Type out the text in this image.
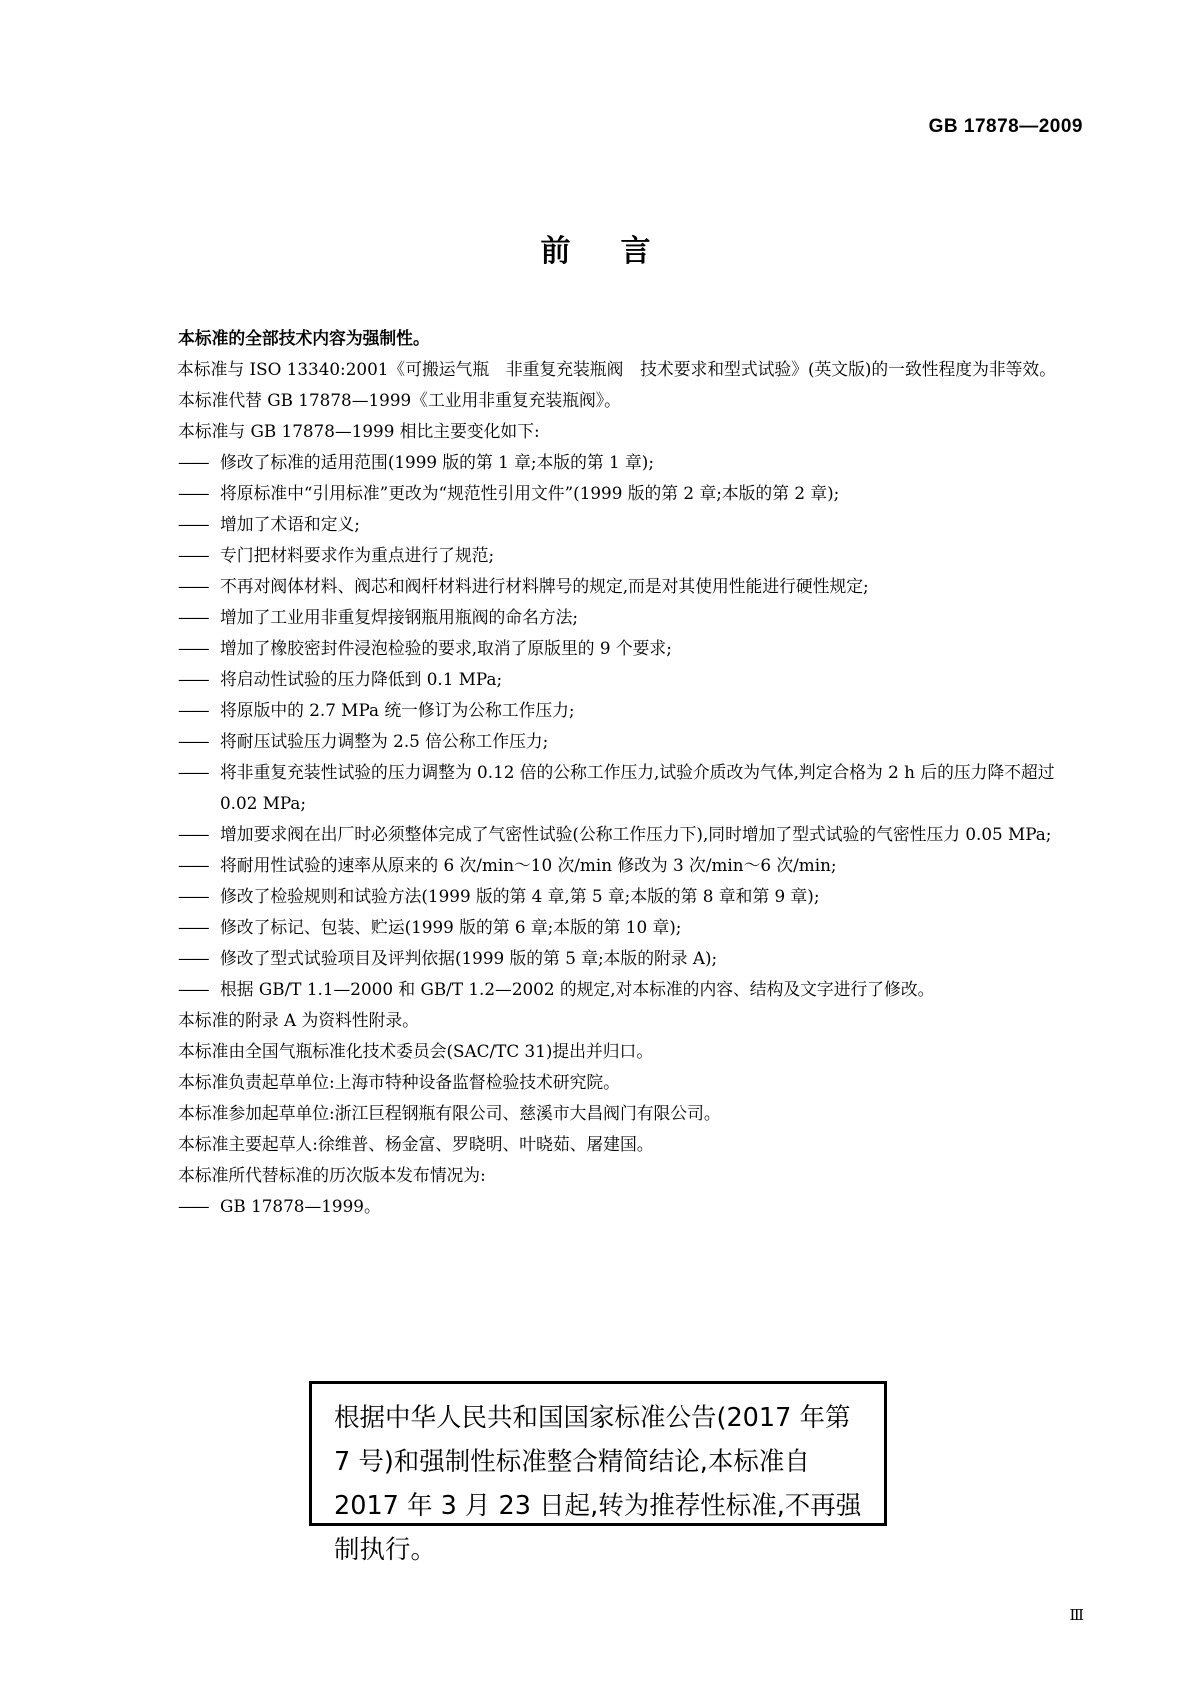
GB 17878—2009
前言

本标准的全部技术内容为强制性。

本标准与 ISO 13340:2001《可搬运气瓶　非重复充装瓶阀　技术要求和型式试验》(英文版)的一致性程度为非等效。

本标准代替 GB 17878—1999《工业用非重复充装瓶阀》。

本标准与 GB 17878—1999 相比主要变化如下:

—— 修改了标准的适用范围(1999 版的第 1 章;本版的第 1 章);
—— 将原标准中“引用标准”更改为“规范性引用文件”(1999 版的第 2 章;本版的第 2 章);
—— 增加了术语和定义;
—— 专门把材料要求作为重点进行了规范;
—— 不再对阀体材料、阀芯和阀杆材料进行材料牌号的规定,而是对其使用性能进行硬性规定;
—— 增加了工业用非重复焊接钢瓶用瓶阀的命名方法;
—— 增加了橡胶密封件浸泡检验的要求,取消了原版里的 9 个要求;
—— 将启动性试验的压力降低到 0.1 MPa;
—— 将原版中的 2.7 MPa 统一修订为公称工作压力;
—— 将耐压试验压力调整为 2.5 倍公称工作压力;
—— 将非重复充装性试验的压力调整为 0.12 倍的公称工作压力,试验介质改为气体,判定合格为 2 h 后的压力降不超过 0.02 MPa;
—— 增加要求阀在出厂时必须整体完成了气密性试验(公称工作压力下),同时增加了型式试验的气密性压力 0.05 MPa;
—— 将耐用性试验的速率从原来的 6 次/min～10 次/min 修改为 3 次/min～6 次/min;
—— 修改了检验规则和试验方法(1999 版的第 4 章,第 5 章;本版的第 8 章和第 9 章);
—— 修改了标记、包装、贮运(1999 版的第 6 章;本版的第 10 章);
—— 修改了型式试验项目及评判依据(1999 版的第 5 章;本版的附录 A);
—— 根据 GB/T 1.1—2000 和 GB/T 1.2—2002 的规定,对本标准的内容、结构及文字进行了修改。

本标准的附录 A 为资料性附录。

本标准由全国气瓶标准化技术委员会(SAC/TC 31)提出并归口。

本标准负责起草单位:上海市特种设备监督检验技术研究院。

本标准参加起草单位:浙江巨程钢瓶有限公司、慈溪市大昌阀门有限公司。

本标准主要起草人:徐维普、杨金富、罗晓明、叶晓茹、屠建国。

本标准所代替标准的历次版本发布情况为:

—— GB 17878—1999。
根据中华人民共和国国家标准公告(2017 年第 7 号)和强制性标准整合精简结论,本标准自 2017 年 3 月 23 日起,转为推荐性标准,不再强制执行。
Ⅲ
